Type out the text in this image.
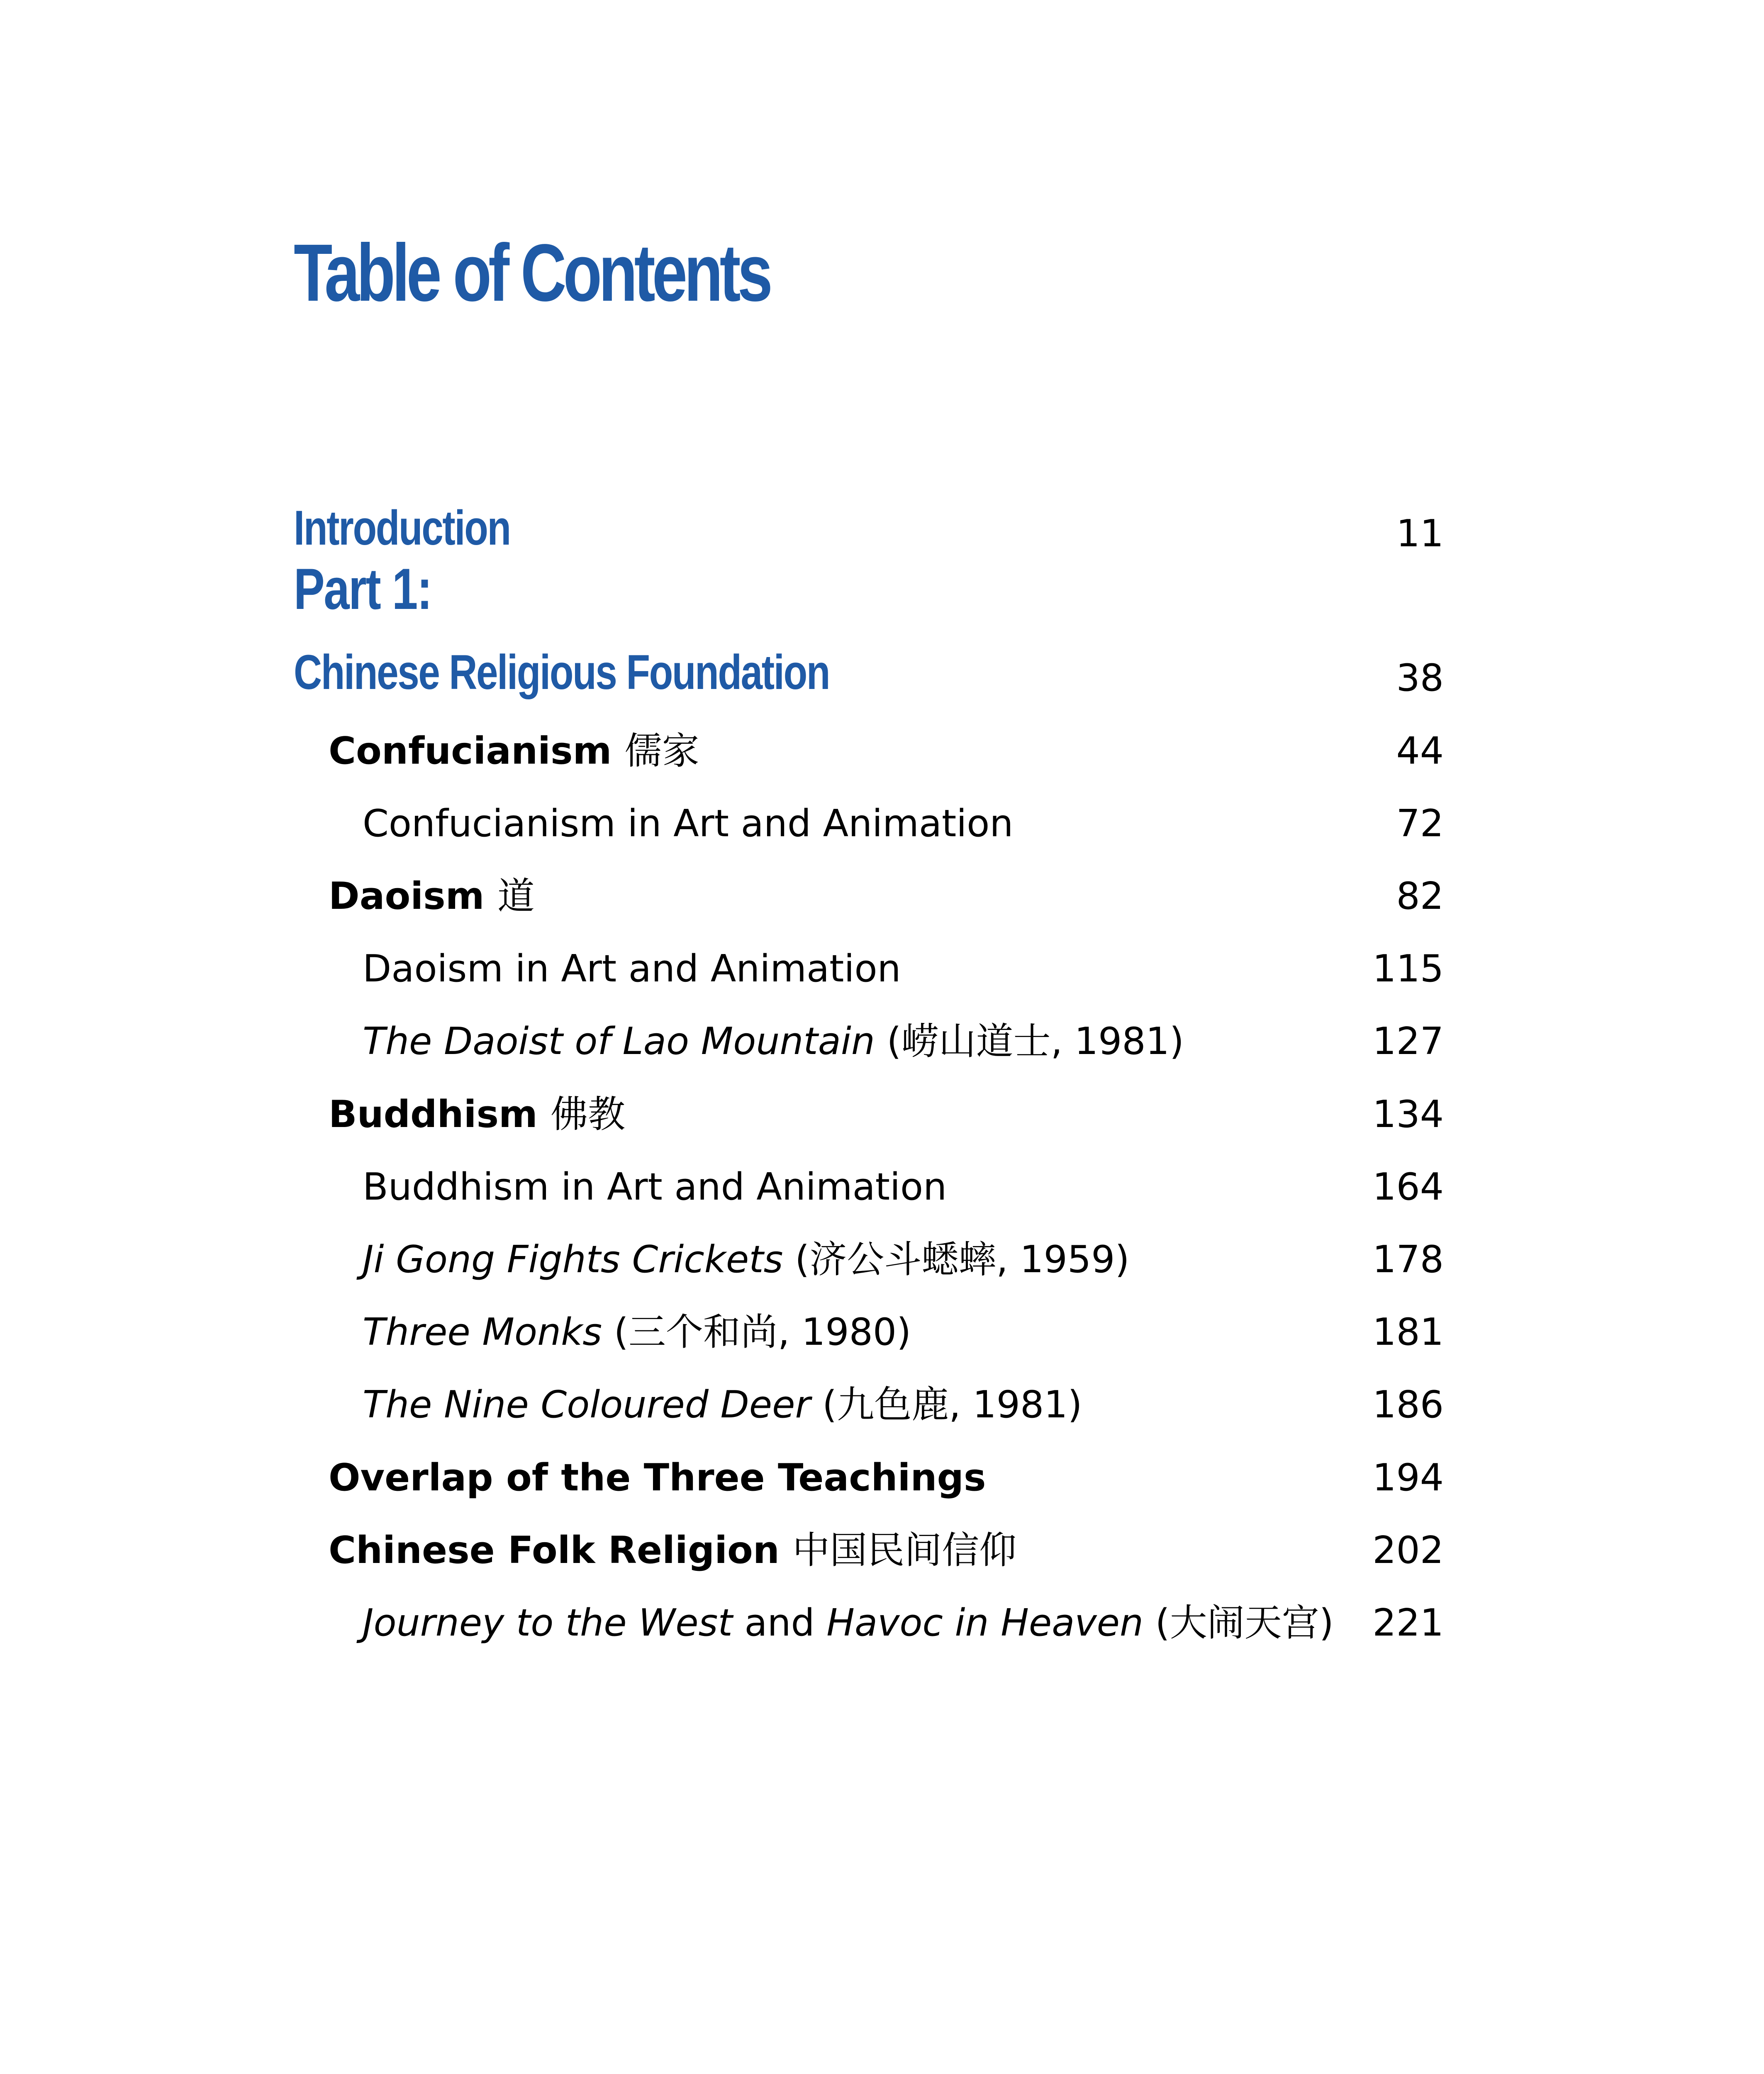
Table of Contents
Introduction	11
Part 1:
Chinese Religious Foundation	38
Confucianism 儒家	44
Confucianism in Art and Animation	72
Daoism 道	82
Daoism in Art and Animation	115
The Daoist of Lao Mountain (崂山道士, 1981)	127
Buddhism 佛教	134
Buddhism in Art and Animation	164
Ji Gong Fights Crickets (济公斗蟋蟀, 1959)	178
Three Monks (三个和尚, 1980)	181
The Nine Coloured Deer (九色鹿, 1981)	186
Overlap of the Three Teachings	194
Chinese Folk Religion 中国民间信仰	202
Journey to the West and Havoc in Heaven (大闹天宫) 221
